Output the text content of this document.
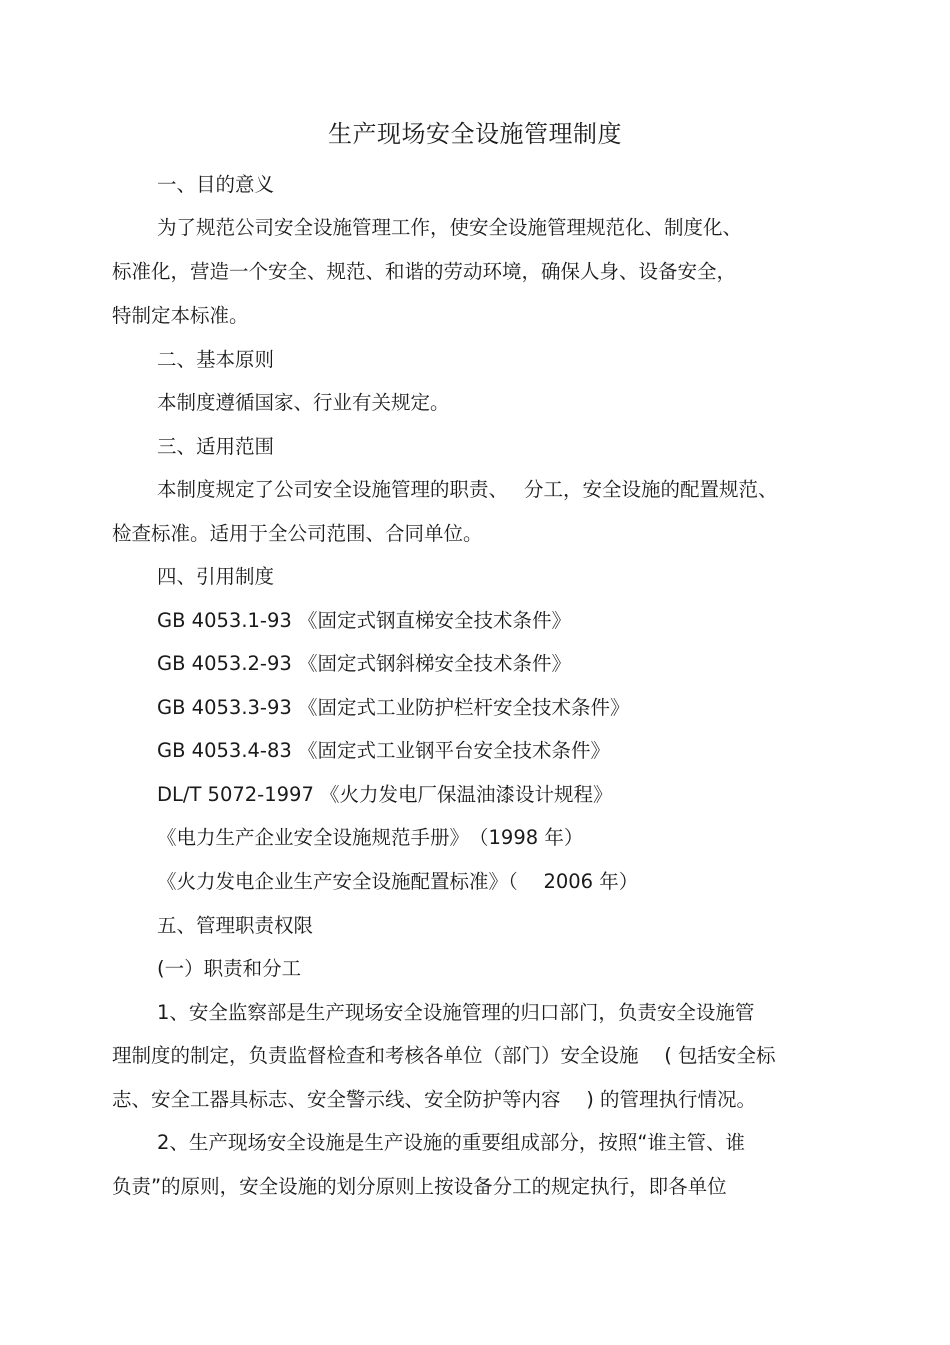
生产现场安全设施管理制度
一、目的意义
为了规范公司安全设施管理工作，使安全设施管理规范化、制度化、
标准化，营造一个安全、规范、和谐的劳动环境，确保人身、设备安全，
特制定本标准。
二、基本原则
本制度遵循国家、行业有关规定。
三、适用范围
本制度规定了公司安全设施管理的职责、　 分工，安全设施的配置规范、
检查标准。适用于全公司范围、合同单位。
四、引用制度
GB 4053.1-93 《固定式钢直梯安全技术条件》
GB 4053.2-93 《固定式钢斜梯安全技术条件》
GB 4053.3-93 《固定式工业防护栏杆安全技术条件》
GB 4053.4-83 《固定式工业钢平台安全技术条件》
DL/T 5072-1997 《火力发电厂保温油漆设计规程》
《电力生产企业安全设施规范手册》　（1998 年）
《火力发电企业生产安全设施配置标准》（　 2006 年）
五、管理职责权限
(一）职责和分工
1、安全监察部是生产现场安全设施管理的归口部门，负责安全设施管
理制度的制定，负责监督检查和考核各单位（部门）安全设施　 ( 包括安全标
志、安全工器具标志、安全警示线、安全防护等内容　 ) 的管理执行情况。
2、生产现场安全设施是生产设施的重要组成部分，按照“谁主管、谁
负责”的原则，安全设施的划分原则上按设备分工的规定执行，即各单位
